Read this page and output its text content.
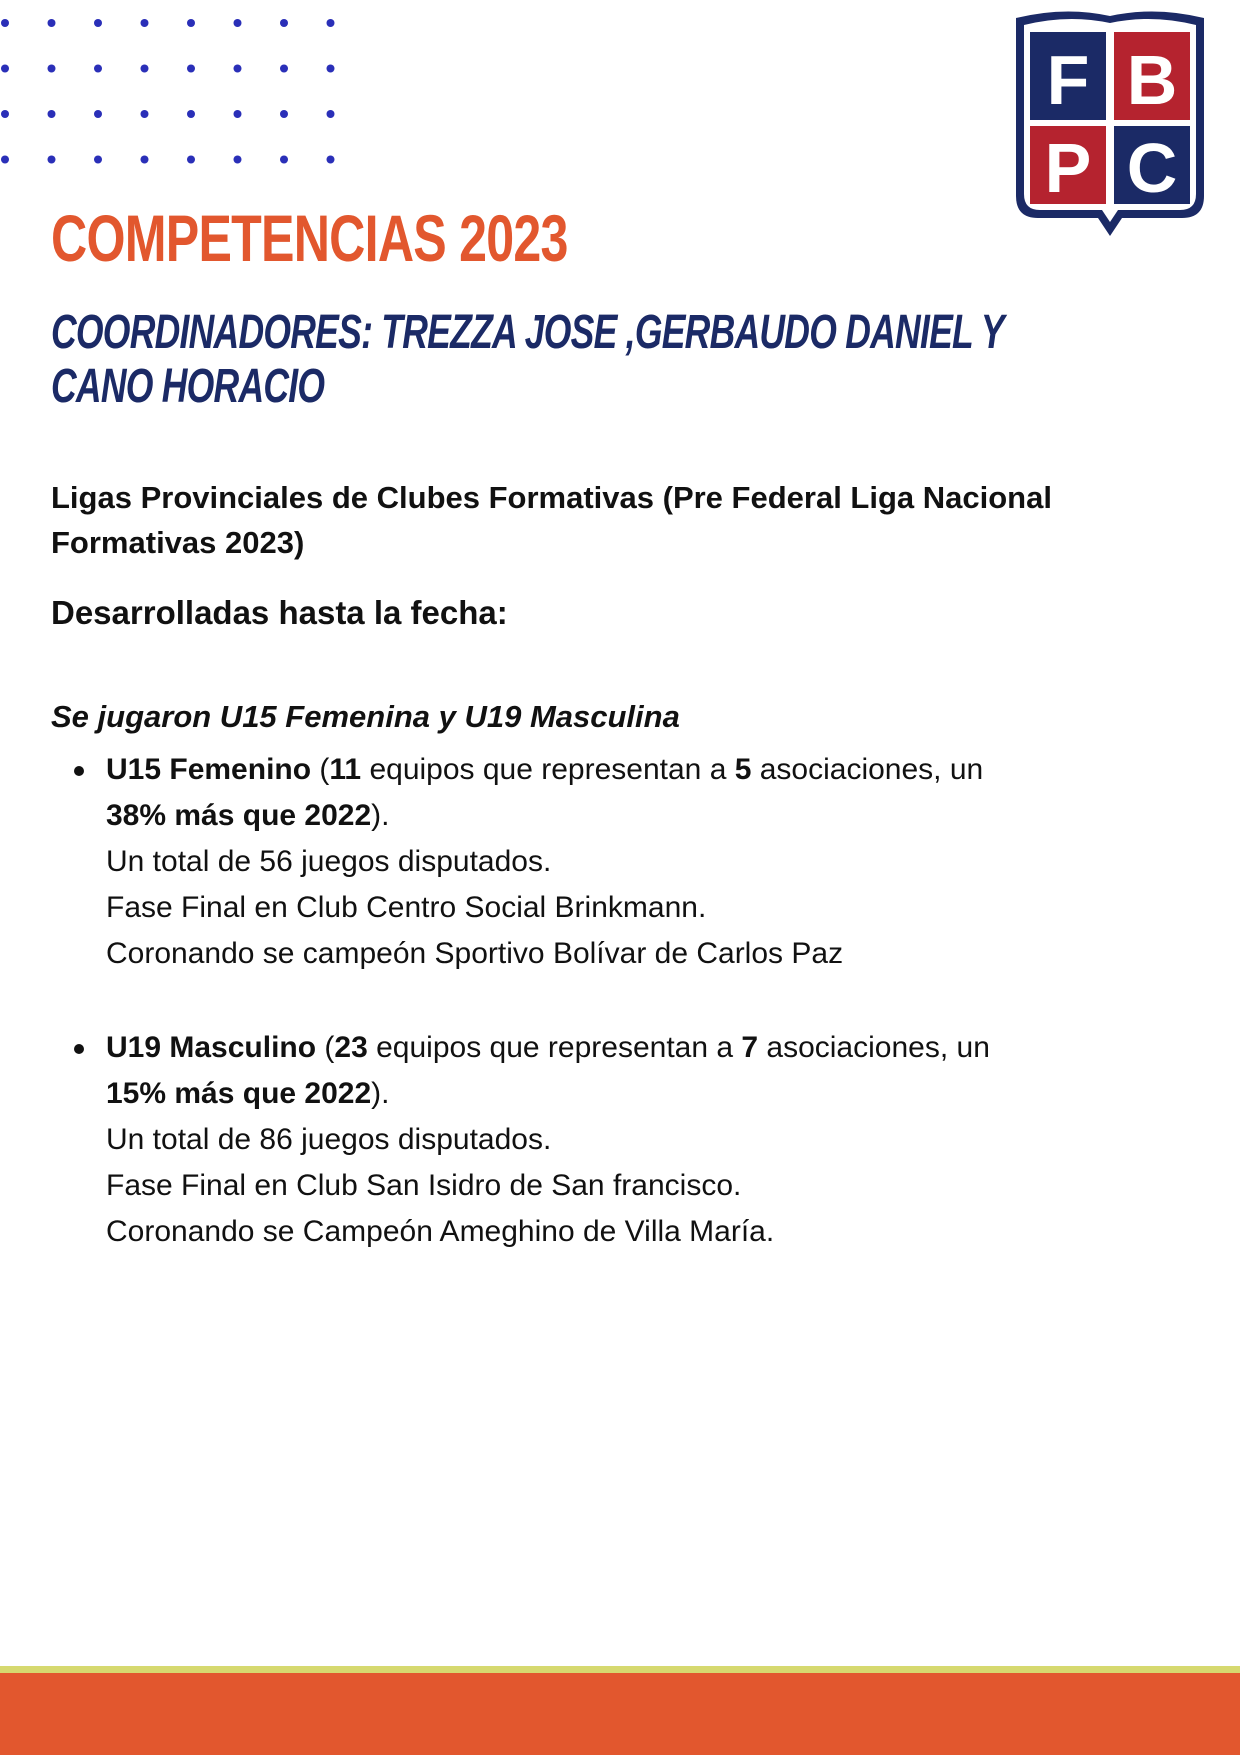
F B
P C
COMPETENCIAS 2023
COORDINADORES: TREZZA JOSE ,GERBAUDO DANIEL Y
CANO HORACIO

Ligas Provinciales de Clubes Formativas (Pre Federal Liga Nacional Formativas 2023)

Desarrolladas hasta la fecha:

Se jugaron U15 Femenina y U19 Masculina

U15 Femenino (11 equipos que representan a 5 asociaciones, un
38% más que 2022).
Un total de 56 juegos disputados.
Fase Final en Club Centro Social Brinkmann.
Coronando se campeón Sportivo Bolívar de Carlos Paz
U19 Masculino (23 equipos que representan a 7 asociaciones, un
15% más que 2022).
Un total de 86 juegos disputados.
Fase Final en Club San Isidro de San francisco.
Coronando se Campeón Ameghino de Villa María.
